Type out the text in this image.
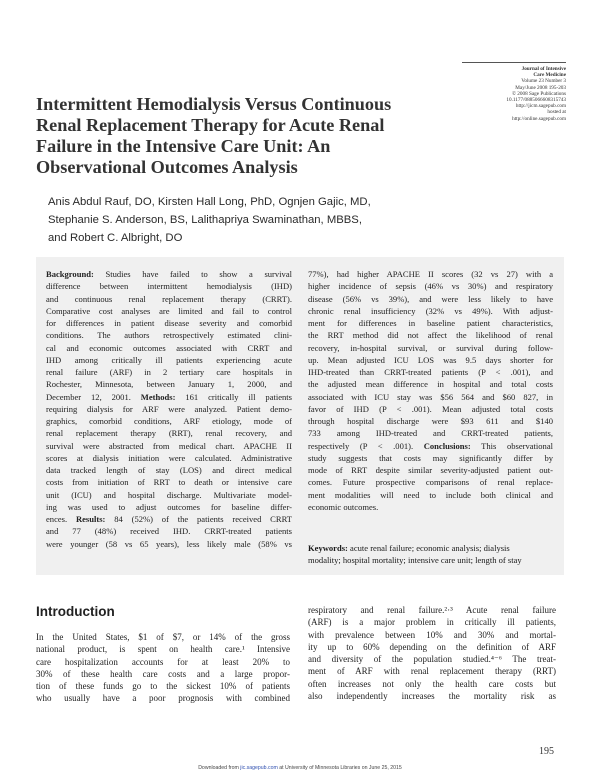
Journal of Intensive
Care Medicine
Volume 23 Number 3
May/June 2008 195-203
© 2008 Sage Publications
10.1177/0885066608315743
http://jicm.sagepub.com
hosted at
http://online.sagepub.com
Intermittent Hemodialysis Versus Continuous
Renal Replacement Therapy for Acute Renal
Failure in the Intensive Care Unit: An
Observational Outcomes Analysis
Anis Abdul Rauf, DO, Kirsten Hall Long, PhD, Ognjen Gajic, MD,
Stephanie S. Anderson, BS, Lalithapriya Swaminathan, MBBS,
and Robert C. Albright, DO
Background: Studies have failed to show a survival
difference between intermittent hemodialysis (IHD)
and continuous renal replacement therapy (CRRT).
Comparative cost analyses are limited and fail to control
for differences in patient disease severity and comorbid
conditions. The authors retrospectively estimated clini-
cal and economic outcomes associated with CRRT and
IHD among critically ill patients experiencing acute
renal failure (ARF) in 2 tertiary care hospitals in
Rochester, Minnesota, between January 1, 2000, and
December 12, 2001. Methods: 161 critically ill patients
requiring dialysis for ARF were analyzed. Patient demo-
graphics, comorbid conditions, ARF etiology, mode of
renal replacement therapy (RRT), renal recovery, and
survival were abstracted from medical chart. APACHE II
scores at dialysis initiation were calculated. Administrative
data tracked length of stay (LOS) and direct medical
costs from initiation of RRT to death or intensive care
unit (ICU) and hospital discharge. Multivariate model-
ing was used to adjust outcomes for baseline differ-
ences. Results: 84 (52%) of the patients received CRRT
and 77 (48%) received IHD. CRRT-treated patients
were younger (58 vs 65 years), less likely male (58% vs
77%), had higher APACHE II scores (32 vs 27) with a
higher incidence of sepsis (46% vs 30%) and respiratory
disease (56% vs 39%), and were less likely to have
chronic renal insufficiency (32% vs 49%). With adjust-
ment for differences in baseline patient characteristics,
the RRT method did not affect the likelihood of renal
recovery, in-hospital survival, or survival during follow-
up. Mean adjusted ICU LOS was 9.5 days shorter for
IHD-treated than CRRT-treated patients (P < .001), and
the adjusted mean difference in hospital and total costs
associated with ICU stay was $56 564 and $60 827, in
favor of IHD (P < .001). Mean adjusted total costs
through hospital discharge were $93 611 and $140
733 among IHD-treated and CRRT-treated patients,
respectively (P < .001). Conclusions: This observational
study suggests that costs may significantly differ by
mode of RRT despite similar severity-adjusted patient out-
comes. Future prospective comparisons of renal replace-
ment modalities will need to include both clinical and
economic outcomes.
Keywords: acute renal failure; economic analysis; dialysis
modality; hospital mortality; intensive care unit; length of stay
Introduction
In the United States, $1 of $7, or 14% of the gross
national product, is spent on health care.¹ Intensive
care hospitalization accounts for at least 20% to
30% of these health care costs and a large propor-
tion of these funds go to the sickest 10% of patients
who usually have a poor prognosis with combined
respiratory and renal failure.²·³ Acute renal failure
(ARF) is a major problem in critically ill patients,
with prevalence between 10% and 30% and mortal-
ity up to 60% depending on the definition of ARF
and diversity of the population studied.⁴⁻⁶ The treat-
ment of ARF with renal replacement therapy (RRT)
often increases not only the health care costs but
also independently increases the mortality risk as
195
Downloaded from jic.sagepub.com at University of Minnesota Libraries on June 25, 2015
